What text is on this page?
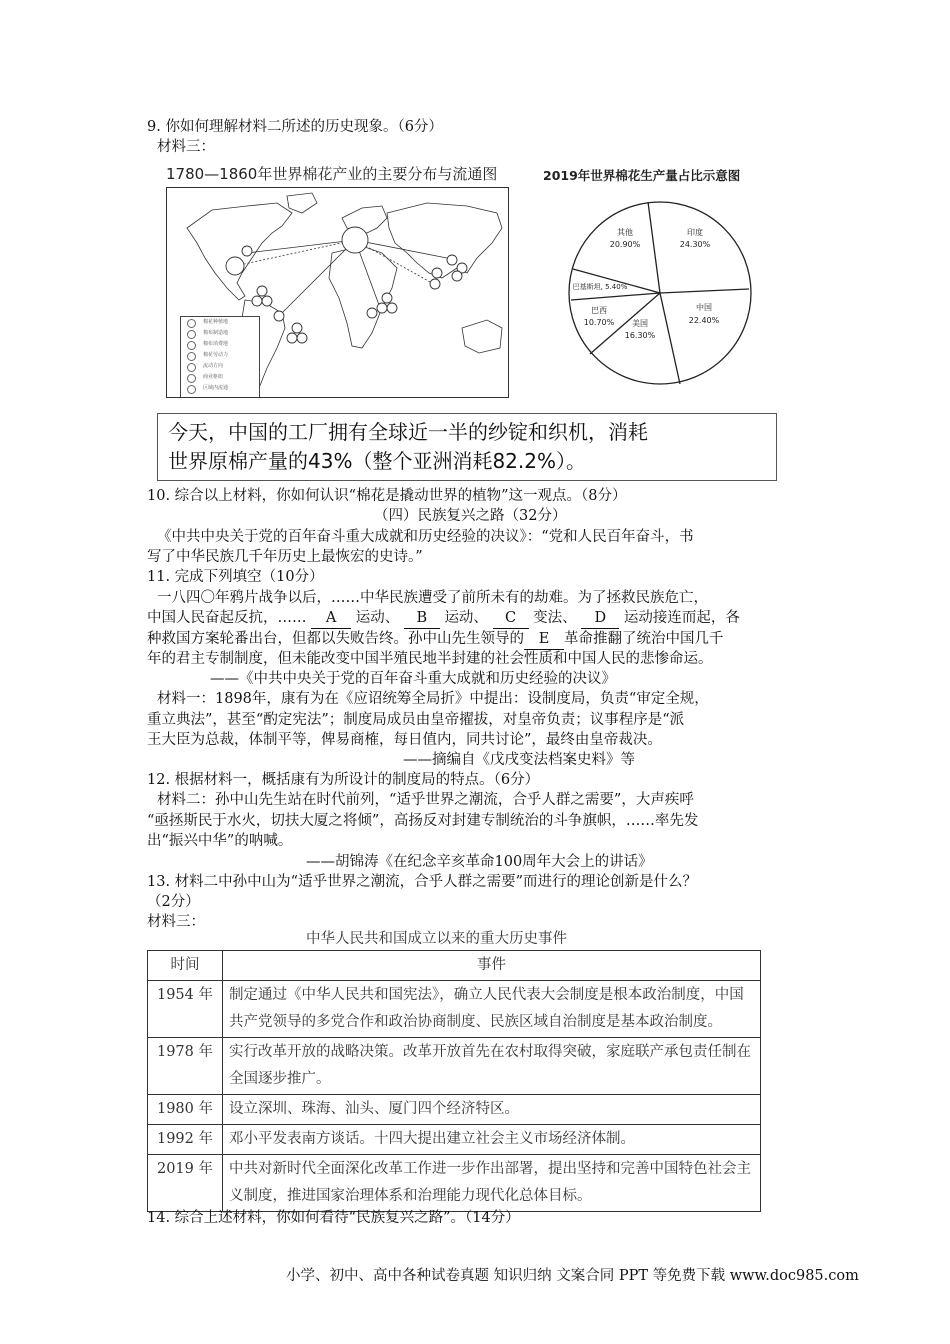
9. 你如何理解材料二所述的历史现象。（6分）
材料三：
1780—1860年世界棉花产业的主要分布与流通图
棉花种植地
棉布制造地
棉布消费地
棉花劳动力
流动方向
商业枢纽
区域内流通
2019年世界棉花生产量占比示意图
印度
24.30%
中国
22.40%
美国
16.30%
巴西
10.70%
巴基斯坦, 5.40%
其他
20.90%
今天，中国的工厂拥有全球近一半的纱锭和织机，消耗
世界原棉产量的43%（整个亚洲消耗82.2%）。
10. 综合以上材料，你如何认识“棉花是撬动世界的植物”这一观点。（8分）
（四）民族复兴之路（32分）
《中共中央关于党的百年奋斗重大成就和历史经验的决议》：“党和人民百年奋斗，书
写了中华民族几千年历史上最恢宏的史诗。”
11. 完成下列填空（10分）
一八四〇年鸦片战争以后，……中华民族遭受了前所未有的劫难。为了拯救民族危亡，
中国人民奋起反抗，…… A 运动、 B 运动、 C 变法、 D 运动接连而起，各
种救国方案轮番出台，但都以失败告终。孙中山先生领导的 E 革命推翻了统治中国几千
年的君主专制制度，但未能改变中国半殖民地半封建的社会性质和中国人民的悲惨命运。
——《中共中央关于党的百年奋斗重大成就和历史经验的决议》
材料一：1898年，康有为在《应诏统筹全局折》中提出：设制度局，负责“审定全规，
重立典法”，甚至“酌定宪法”；制度局成员由皇帝擢拔，对皇帝负责；议事程序是“派
王大臣为总裁，体制平等，俾易商榷，每日值内，同共讨论”，最终由皇帝裁决。
——摘编自《戊戌变法档案史料》等
12. 根据材料一，概括康有为所设计的制度局的特点。（6分）
材料二：孙中山先生站在时代前列，“适乎世界之潮流，合乎人群之需要”，大声疾呼
“亟拯斯民于水火，切扶大厦之将倾”，高扬反对封建专制统治的斗争旗帜，……率先发
出“振兴中华”的呐喊。
——胡锦涛《在纪念辛亥革命100周年大会上的讲话》
13. 材料二中孙中山为“适乎世界之潮流，合乎人群之需要”而进行的理论创新是什么？
（2分）
材料三：
中华人民共和国成立以来的重大历史事件
时间	事件
1954 年	制定通过《中华人民共和国宪法》，确立人民代表大会制度是根本政治制度，中国共产党领导的多党合作和政治协商制度、民族区域自治制度是基本政治制度。
1978 年	实行改革开放的战略决策。改革开放首先在农村取得突破，家庭联产承包责任制在全国逐步推广。
1980 年	设立深圳、珠海、汕头、厦门四个经济特区。
1992 年	邓小平发表南方谈话。十四大提出建立社会主义市场经济体制。
2019 年	中共对新时代全面深化改革工作进一步作出部署，提出坚持和完善中国特色社会主义制度，推进国家治理体系和治理能力现代化总体目标。
14. 综合上述材料，你如何看待“民族复兴之路”。（14分）
小学、初中、高中各种试卷真题 知识归纳 文案合同 PPT 等免费下载 www.doc985.com
